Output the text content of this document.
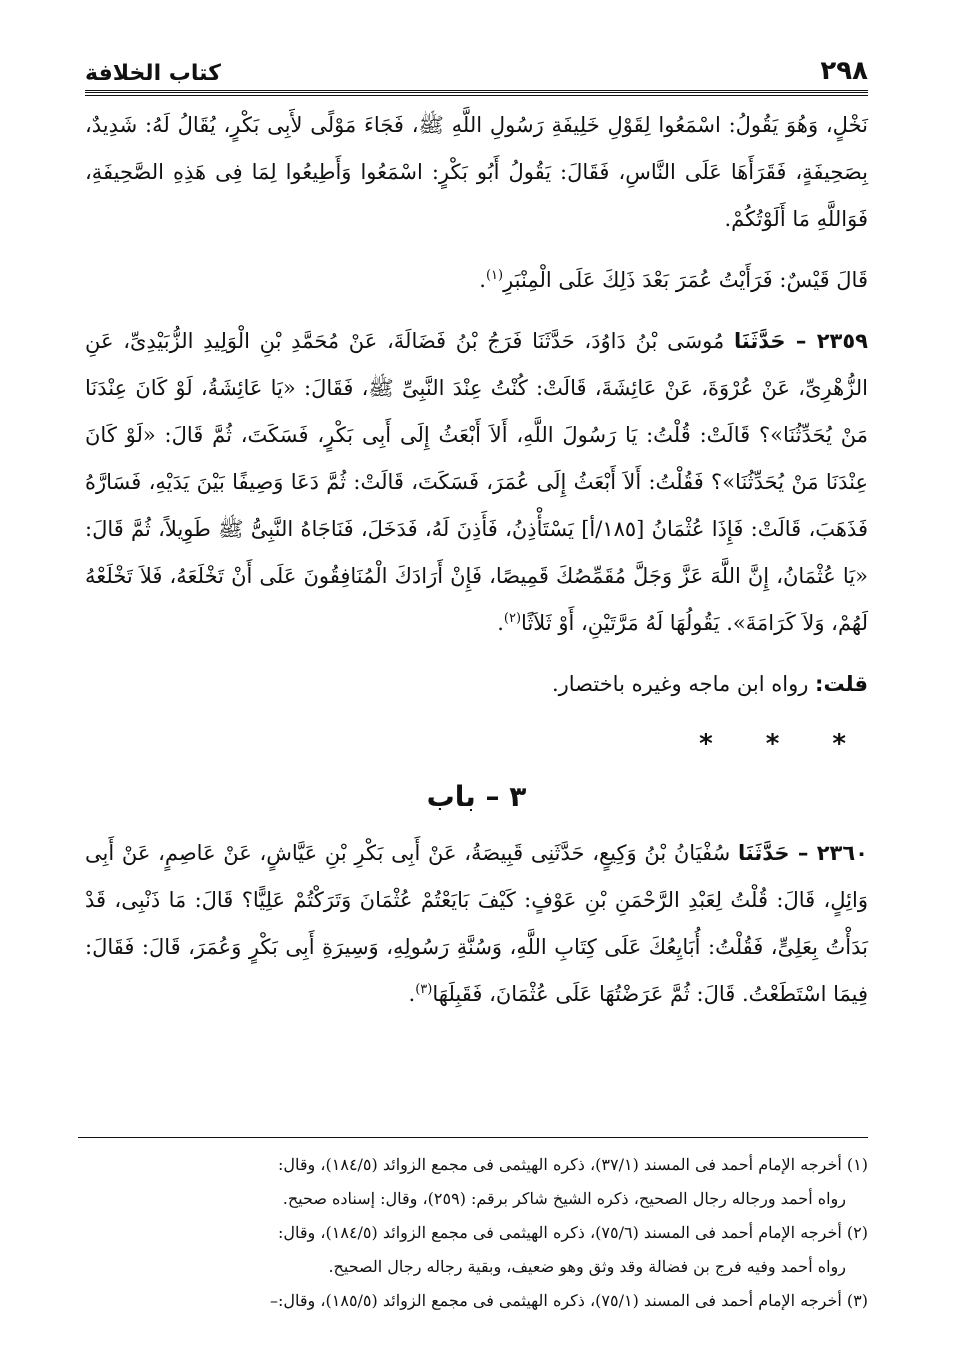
٢٩٨
كتاب الخلافة

نَخْلٍ، وَهُوَ يَقُولُ: اسْمَعُوا لِقَوْلِ خَلِيفَةِ رَسُولِ اللَّهِ ﷺ، فَجَاءَ مَوْلًى لأَبِى بَكْرٍ، يُقَالُ لَهُ: شَدِيدٌ، بِصَحِيفَةٍ، فَقَرَأَهَا عَلَى النَّاسِ، فَقَالَ: يَقُولُ أَبُو بَكْرٍ: اسْمَعُوا وَأَطِيعُوا لِمَا فِى هَذِهِ الصَّحِيفَةِ، فَوَاللَّهِ مَا أَلَوْتُكُمْ.

قَالَ قَيْسٌ: فَرَأَيْتُ عُمَرَ بَعْدَ ذَلِكَ عَلَى الْمِنْبَرِ$^{(١)}$.

٢٣٥٩ – حَدَّثَنَا مُوسَى بْنُ دَاوُدَ، حَدَّثَنَا فَرَجُ بْنُ فَضَالَةَ، عَنْ مُحَمَّدِ بْنِ الْوَلِيدِ الزُّبَيْدِىِّ، عَنِ الزُّهْرِىِّ، عَنْ عُرْوَةَ، عَنْ عَائِشَةَ، قَالَتْ: كُنْتُ عِنْدَ النَّبِىِّ ﷺ، فَقَالَ: «يَا عَائِشَةُ، لَوْ كَانَ عِنْدَنَا مَنْ يُحَدِّثُنَا»؟ قَالَتْ: قُلْتُ: يَا رَسُولَ اللَّهِ، أَلاَ أَبْعَثُ إِلَى أَبِى بَكْرٍ، فَسَكَتَ، ثُمَّ قَالَ: «لَوْ كَانَ عِنْدَنَا مَنْ يُحَدِّثُنَا»؟ فَقُلْتُ: أَلاَ أَبْعَثُ إِلَى عُمَرَ، فَسَكَتَ، قَالَتْ: ثُمَّ دَعَا وَصِيفًا بَيْنَ يَدَيْهِ، فَسَارَّهُ فَذَهَبَ، قَالَتْ: فَإِذَا عُثْمَانُ [١٨٥/أ] يَسْتَأْذِنُ، فَأَذِنَ لَهُ، فَدَخَلَ، فَنَاجَاهُ النَّبِىُّ ﷺ طَوِيلاً، ثُمَّ قَالَ: «يَا عُثْمَانُ، إِنَّ اللَّهَ عَزَّ وَجَلَّ مُقَمِّصُكَ قَمِيصًا، فَإِنْ أَرَادَكَ الْمُنَافِقُونَ عَلَى أَنْ تَخْلَعَهُ، فَلاَ تَخْلَعْهُ لَهُمْ، وَلاَ كَرَامَةَ». يَقُولُهَا لَهُ مَرَّتَيْنِ، أَوْ ثَلاَثًا$^{(٢)}$.

قلت: رواه ابن ماجه وغيره باختصار.

* * *

٣ – باب

٢٣٦٠ – حَدَّثَنَا سُفْيَانُ بْنُ وَكِيعٍ، حَدَّثَنِى قَبِيصَةُ، عَنْ أَبِى بَكْرِ بْنِ عَيَّاشٍ، عَنْ عَاصِمٍ، عَنْ أَبِى وَائِلٍ، قَالَ: قُلْتُ لِعَبْدِ الرَّحْمَنِ بْنِ عَوْفٍ: كَيْفَ بَايَعْتُمْ عُثْمَانَ وَتَرَكْتُمْ عَلِيًّا؟ قَالَ: مَا ذَنْبِى، قَدْ بَدَأْتُ بِعَلِىٍّ، فَقُلْتُ: أُبَايِعُكَ عَلَى كِتَابِ اللَّهِ، وَسُنَّةِ رَسُولِهِ، وَسِيرَةِ أَبِى بَكْرٍ وَعُمَرَ، قَالَ: فَقَالَ: فِيمَا اسْتَطَعْتُ. قَالَ: ثُمَّ عَرَضْتُهَا عَلَى عُثْمَانَ، فَقَبِلَهَا$^{(٣)}$.

(١) أخرجه الإمام أحمد فى المسند (٣٧/١)، ذكره الهيثمى فى مجمع الزوائد (١٨٤/٥)، وقال:

رواه أحمد ورجاله رجال الصحيح، ذكره الشيخ شاكر برقم: (٢٥٩)، وقال: إسناده صحيح.

(٢) أخرجه الإمام أحمد فى المسند (٧٥/٦)، ذكره الهيثمى فى مجمع الزوائد (١٨٤/٥)، وقال:

رواه أحمد وفيه فرج بن فضالة وقد وثق وهو ضعيف، وبقية رجاله رجال الصحيح.

(٣) أخرجه الإمام أحمد فى المسند (٧٥/١)، ذكره الهيثمى فى مجمع الزوائد (١٨٥/٥)، وقال:–
